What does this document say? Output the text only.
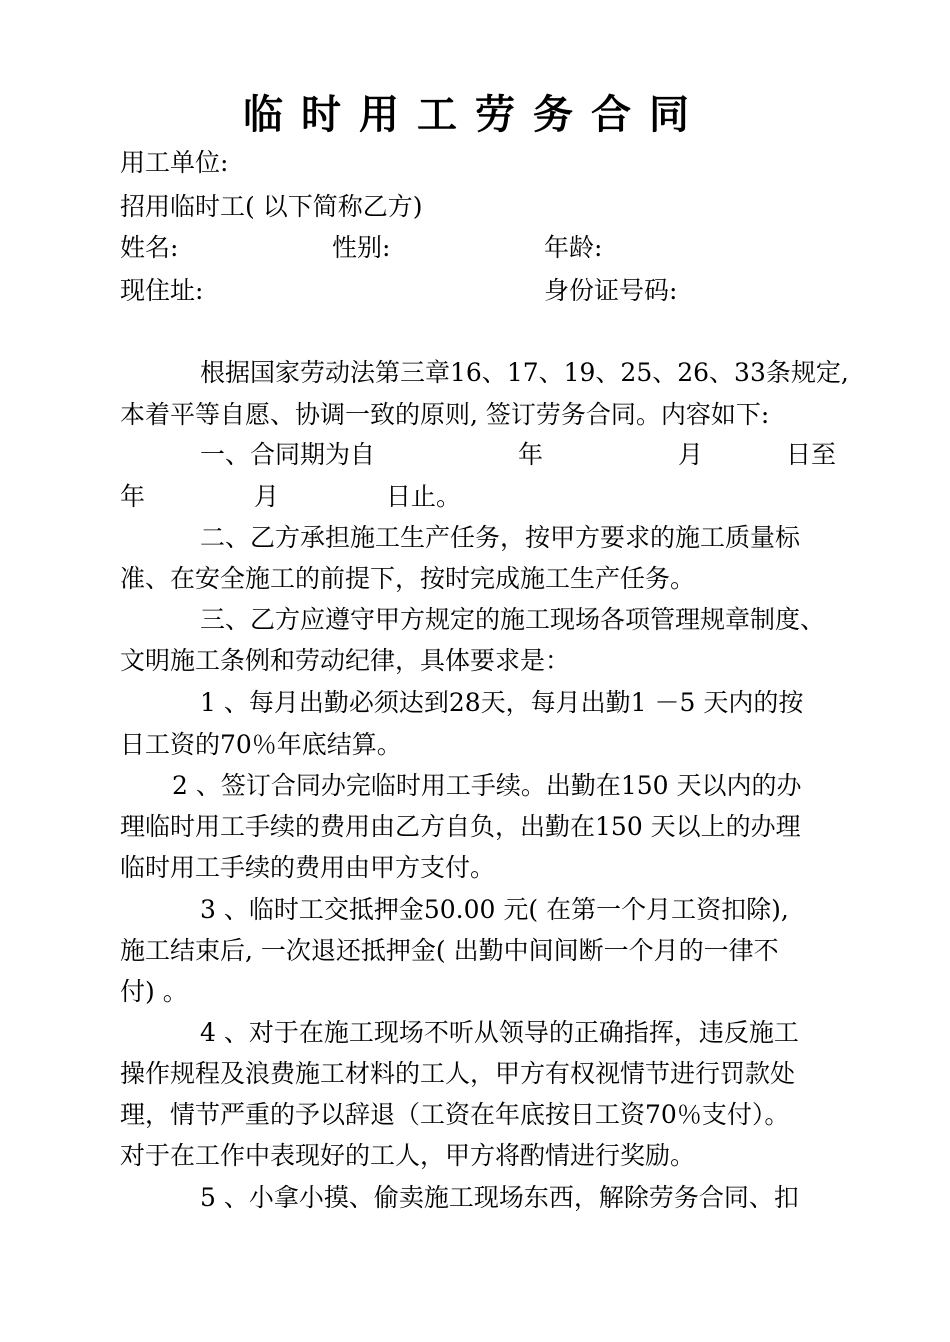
临时用工劳务合同
用工单位:
招用临时工( 以下简称乙方)
姓名:	性别:	年龄:
现住址:	身份证号码:
根据国家劳动法第三章16、17、19、25、26、33条规定,
本着平等自愿、协调一致的原则, 签订劳务合同。内容如下:
一、合同期为自	年	月	日至
年	月	日止。
二、乙方承担施工生产任务，按甲方要求的施工质量标
准、在安全施工的前提下，按时完成施工生产任务。
三、乙方应遵守甲方规定的施工现场各项管理规章制度、
文明施工条例和劳动纪律，具体要求是：
1 、每月出勤必须达到28天，每月出勤1 －5 天内的按
日工资的70％年底结算。
2 、签订合同办完临时用工手续。出勤在150 天以内的办
理临时用工手续的费用由乙方自负，出勤在150 天以上的办理
临时用工手续的费用由甲方支付。
3 、临时工交抵押金50.00 元( 在第一个月工资扣除),
施工结束后, 一次退还抵押金( 出勤中间间断一个月的一律不
付) 。
4 、对于在施工现场不听从领导的正确指挥，违反施工
操作规程及浪费施工材料的工人，甲方有权视情节进行罚款处
理，情节严重的予以辞退（工资在年底按日工资70％支付）。
对于在工作中表现好的工人，甲方将酌情进行奖励。
5 、小拿小摸、偷卖施工现场东西，解除劳务合同、扣
